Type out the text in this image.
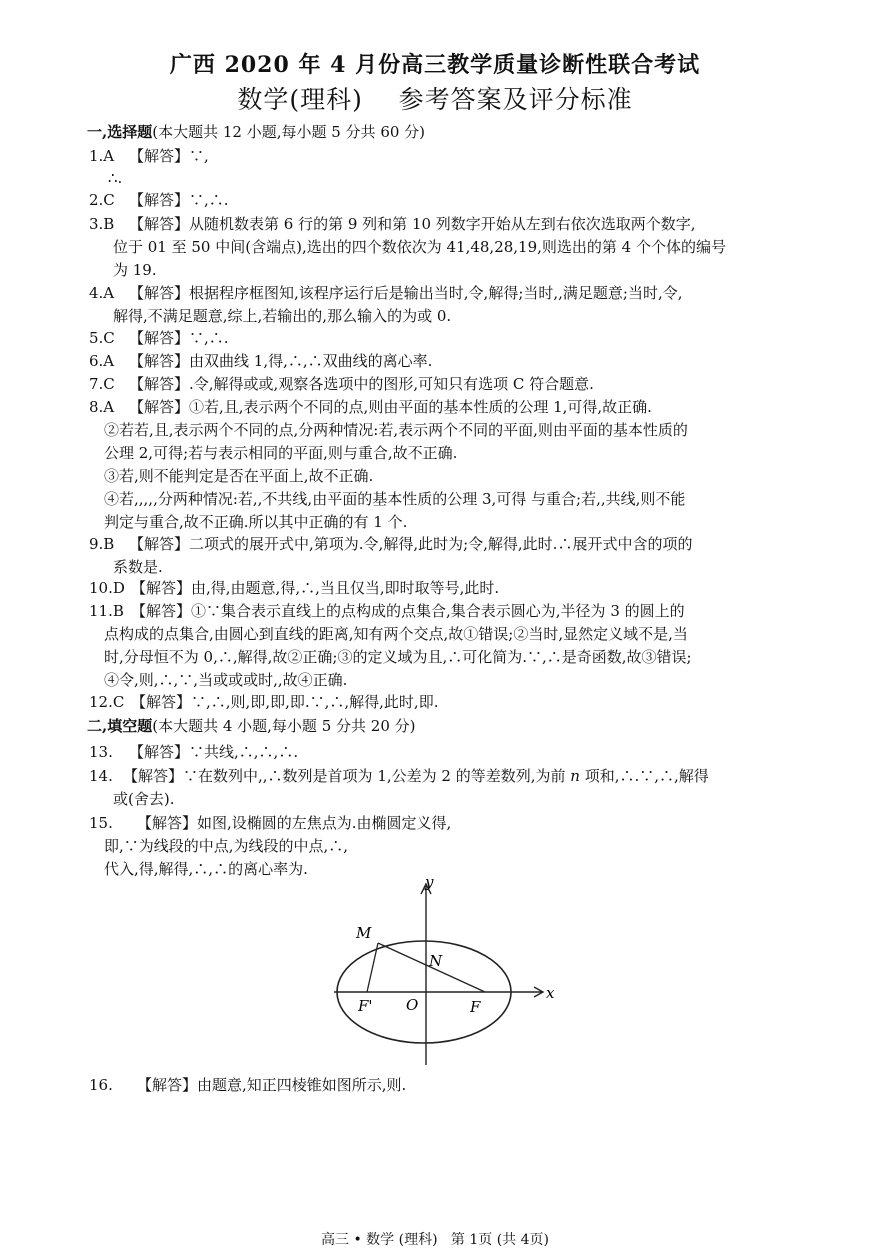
广西 2020 年 4 月份高三教学质量诊断性联合考试
数学(理科)    参考答案及评分标准
一,选择题(本大题共 12 小题,每小题 5 分共 60 分)
1.A 【解答】∵,
∴.
2.C 【解答】∵,∴.
3.B 【解答】从随机数表第 6 行的第 9 列和第 10 列数字开始从左到右依次选取两个数字,
位于 01 至 50 中间(含端点),选出的四个数依次为 41,48,28,19,则选出的第 4 个个体的编号
为 19.
4.A 【解答】根据程序框图知,该程序运行后是输出当时,令,解得;当时,,满足题意;当时,令,
解得,不满足题意,综上,若输出的,那么输入的为或 0.
5.C 【解答】∵,∴.
6.A 【解答】由双曲线 1,得,∴,∴双曲线的离心率.
7.C 【解答】.令,解得或或,观察各选项中的图形,可知只有选项 C 符合题意.
8.A 【解答】①若,且,表示两个不同的点,则由平面的基本性质的公理 1,可得,故正确.
②若若,且,表示两个不同的点,分两种情况:若,表示两个不同的平面,则由平面的基本性质的
公理 2,可得;若与表示相同的平面,则与重合,故不正确.
③若,则不能判定是否在平面上,故不正确.
④若,,,,,分两种情况:若,,不共线,由平面的基本性质的公理 3,可得 与重合;若,,共线,则不能
判定与重合,故不正确.所以其中正确的有 1 个.
9.B 【解答】二项式的展开式中,第项为.令,解得,此时为;令,解得,此时.∴展开式中含的项的
系数是.
10.D 【解答】由,得,由题意,得,∴,当且仅当,即时取等号,此时.
11.B 【解答】①∵集合表示直线上的点构成的点集合,集合表示圆心为,半径为 3 的圆上的
点构成的点集合,由圆心到直线的距离,知有两个交点,故①错误;②当时,显然定义域不是,当
时,分母恒不为 0,∴,解得,故②正确;③的定义域为且,∴可化简为.∵,∴是奇函数,故③错误;
④令,则,∴,∵,当或或或时,,故④正确.
12.C 【解答】∵,∴,则,即,即,即.∵,∴,解得,此时,即.
二,填空题(本大题共 4 小题,每小题 5 分共 20 分)
13. 【解答】∵共线,∴,∴,∴.
14. 【解答】∵在数列中,,∴数列是首项为 1,公差为 2 的等差数列,为前 n 项和,∴.∵,∴,解得
或(舍去).
15. 【解答】如图,设椭圆的左焦点为.由椭圆定义得,
即,∵为线段的中点,为线段的中点,∴,
代入,得,解得,∴,∴的离心率为.
y
x
M
N
F' O	F
16. 【解答】由题意,知正四棱锥如图所示,则.
高三 • 数学 (理科)   第 1页 (共 4页)
